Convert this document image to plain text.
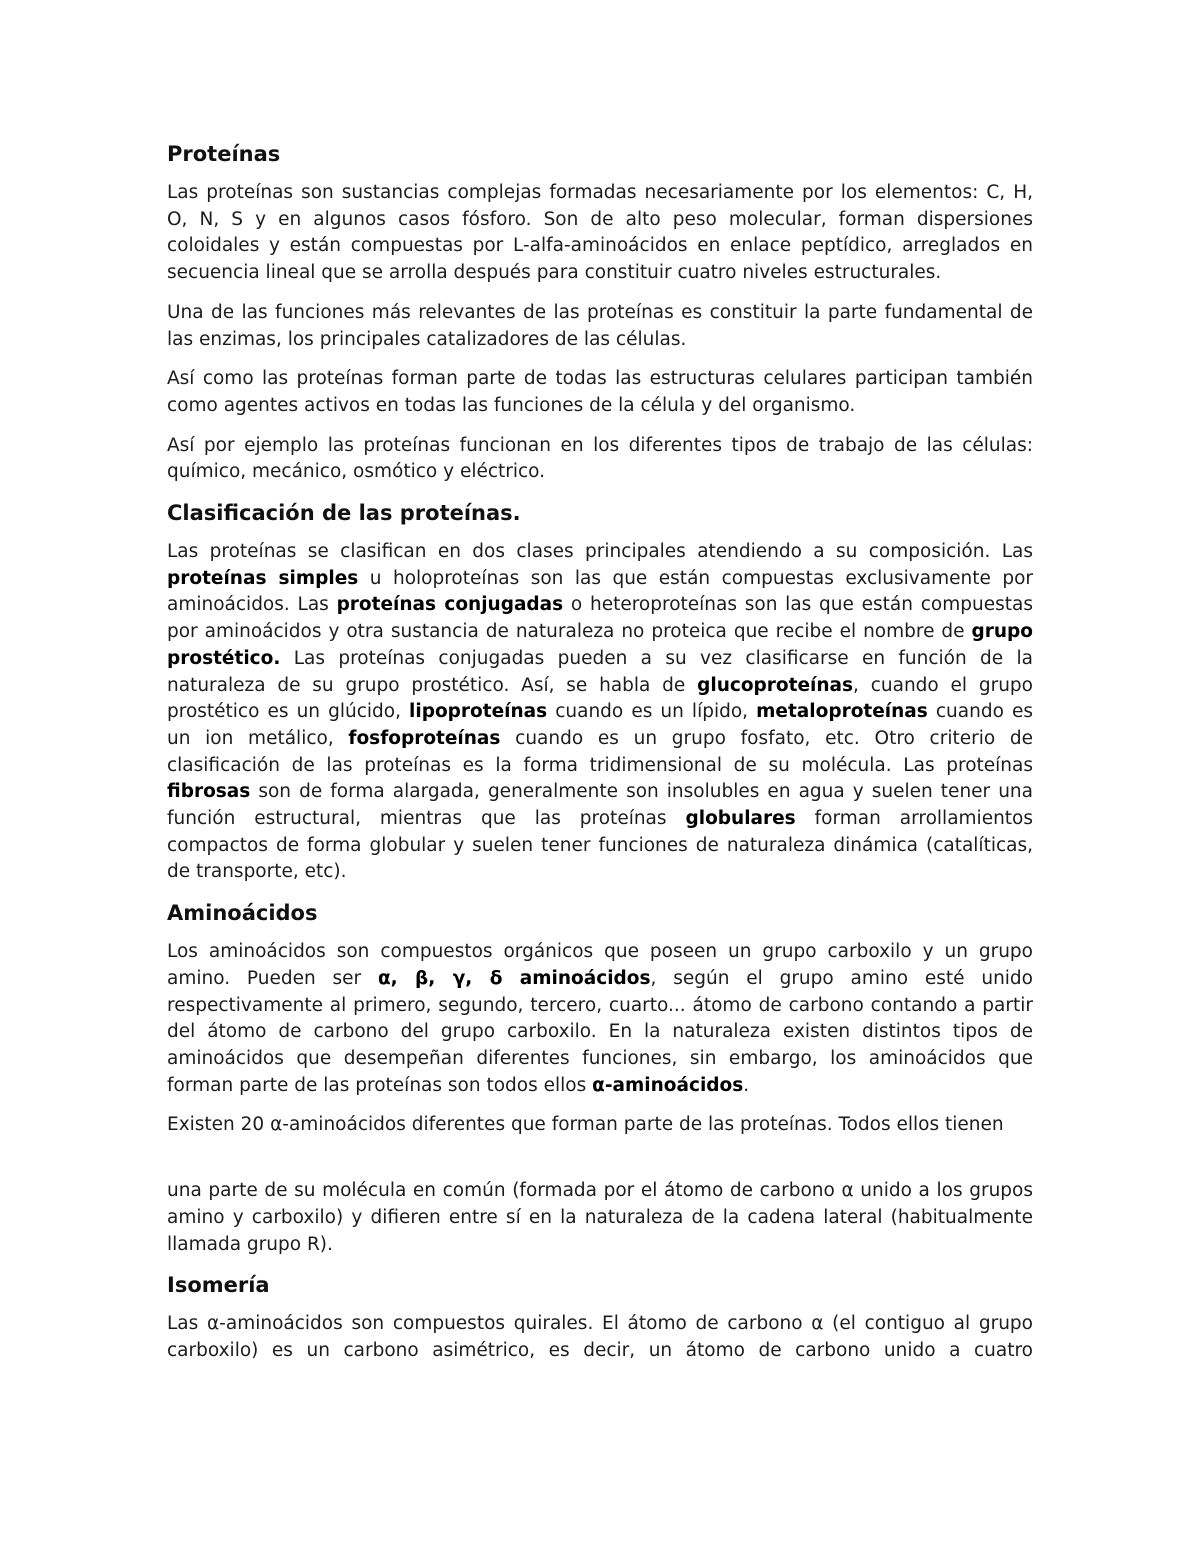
Proteínas

Las proteínas son sustancias complejas formadas necesariamente por los elementos: C, H, O, N, S y en algunos casos fósforo. Son de alto peso molecular, forman dispersiones coloidales y están compuestas por L-alfa-aminoácidos en enlace peptídico, arreglados en secuencia lineal que se arrolla después para constituir cuatro niveles estructurales.

Una de las funciones más relevantes de las proteínas es constituir la parte fundamental de las enzimas, los principales catalizadores de las células.

Así como las proteínas forman parte de todas las estructuras celulares participan también como agentes activos en todas las funciones de la célula y del organismo.

Así por ejemplo las proteínas funcionan en los diferentes tipos de trabajo de las células: químico, mecánico, osmótico y eléctrico.

Clasificación de las proteínas.

Las proteínas se clasifican en dos clases principales atendiendo a su composición. Las proteínas simples u holoproteínas son las que están compuestas exclusivamente por aminoácidos. Las proteínas conjugadas o heteroproteínas son las que están compuestas por aminoácidos y otra sustancia de naturaleza no proteica que recibe el nombre de grupo prostético. Las proteínas conjugadas pueden a su vez clasificarse en función de la naturaleza de su grupo prostético. Así, se habla de glucoproteínas, cuando el grupo prostético es un glúcido, lipoproteínas cuando es un lípido, metaloproteínas cuando es un ion metálico, fosfoproteínas cuando es un grupo fosfato, etc. Otro criterio de clasificación de las proteínas es la forma tridimensional de su molécula. Las proteínas fibrosas son de forma alargada, generalmente son insolubles en agua y suelen tener una función estructural, mientras que las proteínas globulares forman arrollamientos compactos de forma globular y suelen tener funciones de naturaleza dinámica (catalíticas, de transporte, etc).

Aminoácidos

Los aminoácidos son compuestos orgánicos que poseen un grupo carboxilo y un grupo amino. Pueden ser α, β, γ, δ aminoácidos, según el grupo amino esté unido respectivamente al primero, segundo, tercero, cuarto... átomo de carbono contando a partir del átomo de carbono del grupo carboxilo. En la naturaleza existen distintos tipos de aminoácidos que desempeñan diferentes funciones, sin embargo, los aminoácidos que forman parte de las proteínas son todos ellos α-aminoácidos.

Existen 20 α-aminoácidos diferentes que forman parte de las proteínas. Todos ellos tienen

una parte de su molécula en común (formada por el átomo de carbono α unido a los grupos amino y carboxilo) y difieren entre sí en la naturaleza de la cadena lateral (habitualmente llamada grupo R).

Isomería

Las α-aminoácidos son compuestos quirales. El átomo de carbono α (el contiguo al grupo carboxilo) es un carbono asimétrico, es decir, un átomo de carbono unido a cuatro
